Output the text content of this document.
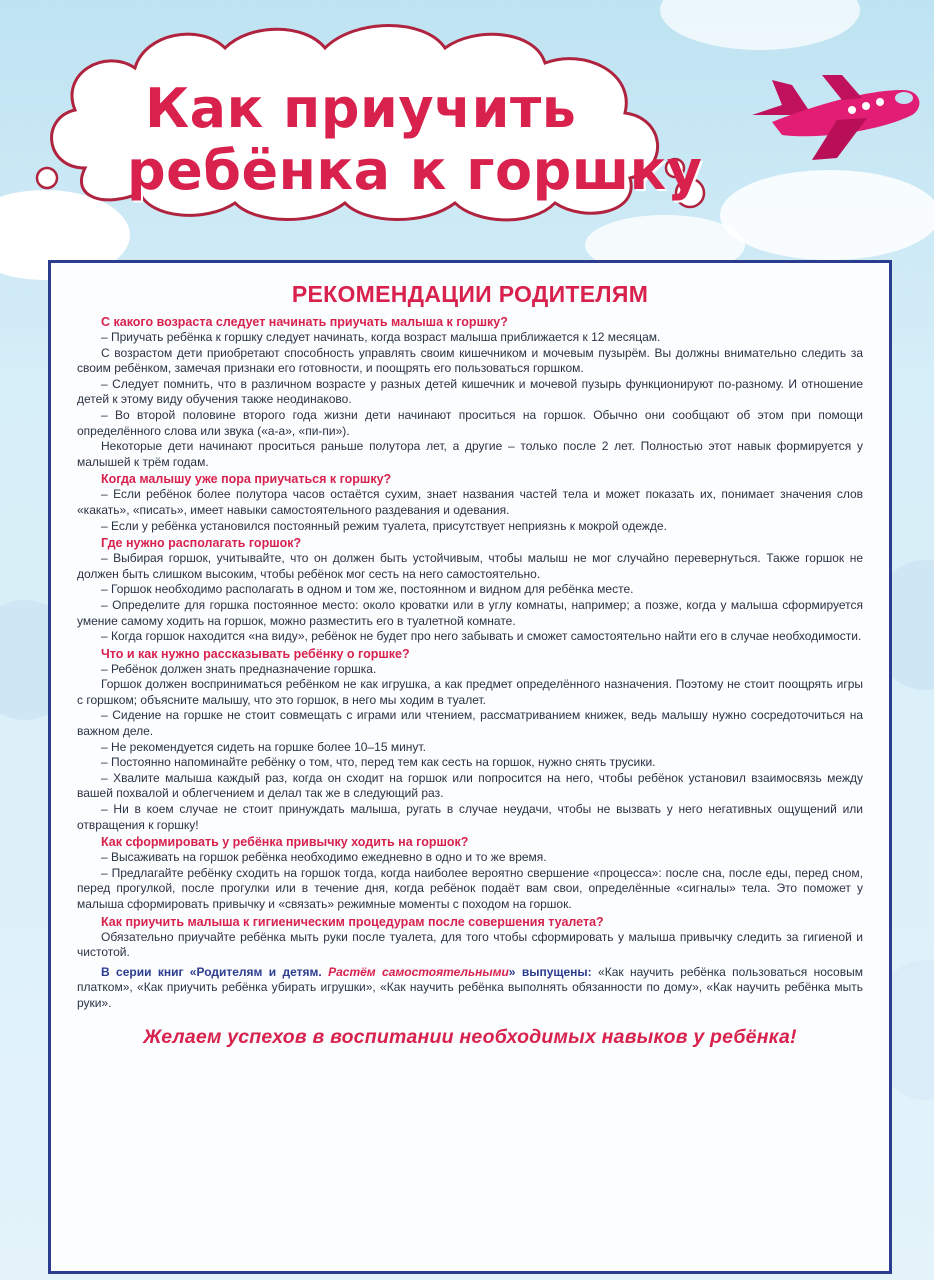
Как приучить
ребёнка к горшку
РЕКОМЕНДАЦИИ РОДИТЕЛЯМ
С какого возраста следует начинать приучать малыша к горшку?

– Приучать ребёнка к горшку следует начинать, когда возраст малыша приближается к 12 месяцам.

С возрастом дети приобретают способность управлять своим кишечником и мочевым пузырём. Вы должны внимательно следить за своим ребёнком, замечая признаки его готовности, и поощрять его пользоваться горшком.

– Следует помнить, что в различном возрасте у разных детей кишечник и мочевой пузырь функционируют по-разному. И отношение детей к этому виду обучения также неодинаково.

– Во второй половине второго года жизни дети начинают проситься на горшок. Обычно они сообщают об этом при помощи определённого слова или звука («а-а», «пи-пи»).

Некоторые дети начинают проситься раньше полутора лет, а другие – только после 2 лет. Полностью этот навык формируется у малышей к трём годам.

Когда малышу уже пора приучаться к горшку?

– Если ребёнок более полутора часов остаётся сухим, знает названия частей тела и может показать их, понимает значения слов «какать», «писать», имеет навыки самостоятельного раздевания и одевания.

– Если у ребёнка установился постоянный режим туалета, присутствует неприязнь к мокрой одежде.

Где нужно располагать горшок?

– Выбирая горшок, учитывайте, что он должен быть устойчивым, чтобы малыш не мог случайно перевернуться. Также горшок не должен быть слишком высоким, чтобы ребёнок мог сесть на него самостоятельно.

– Горшок необходимо располагать в одном и том же, постоянном и видном для ребёнка месте.

– Определите для горшка постоянное место: около кроватки или в углу комнаты, например; а позже, когда у малыша сформируется умение самому ходить на горшок, можно разместить его в туалетной комнате.

– Когда горшок находится «на виду», ребёнок не будет про него забывать и сможет самостоятельно найти его в случае необходимости.

Что и как нужно рассказывать ребёнку о горшке?

– Ребёнок должен знать предназначение горшка.

Горшок должен восприниматься ребёнком не как игрушка, а как предмет определённого назначения. Поэтому не стоит поощрять игры с горшком; объясните малышу, что это горшок, в него мы ходим в туалет.

– Сидение на горшке не стоит совмещать с играми или чтением, рассматриванием книжек, ведь малышу нужно сосредоточиться на важном деле.

– Не рекомендуется сидеть на горшке более 10–15 минут.

– Постоянно напоминайте ребёнку о том, что, перед тем как сесть на горшок, нужно снять трусики.

– Хвалите малыша каждый раз, когда он сходит на горшок или попросится на него, чтобы ребёнок установил взаимосвязь между вашей похвалой и облегчением и делал так же в следующий раз.

– Ни в коем случае не стоит принуждать малыша, ругать в случае неудачи, чтобы не вызвать у него негативных ощущений или отвращения к горшку!

Как сформировать у ребёнка привычку ходить на горшок?

– Высаживать на горшок ребёнка необходимо ежедневно в одно и то же время.

– Предлагайте ребёнку сходить на горшок тогда, когда наиболее вероятно свершение «процесса»: после сна, после еды, перед сном, перед прогулкой, после прогулки или в течение дня, когда ребёнок подаёт вам свои, определённые «сигналы» тела. Это поможет у малыша сформировать привычку и «связать» режимные моменты с походом на горшок.

Как приучить малыша к гигиеническим процедурам после совершения туалета?

Обязательно приучайте ребёнка мыть руки после туалета, для того чтобы сформировать у малыша привычку следить за гигиеной и чистотой.

В серии книг «Родителям и детям. Растём самостоятельными» выпущены: «Как научить ребёнка пользоваться носовым платком», «Как приучить ребёнка убирать игрушки», «Как научить ребёнка выполнять обязанности по дому», «Как научить ребёнка мыть руки».

Желаем успехов в воспитании необходимых навыков у ребёнка!
